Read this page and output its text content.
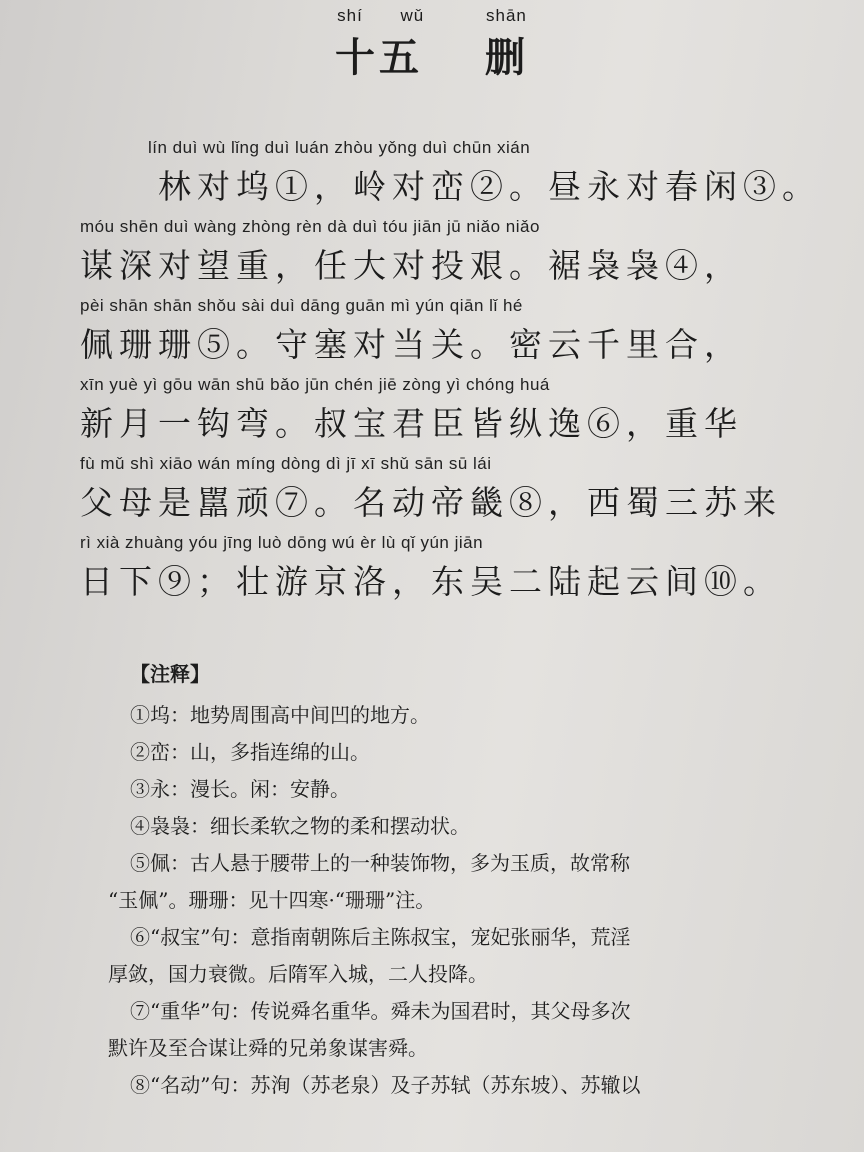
shí wǔ	shān
十五 删
lín duì wù lǐng duì luán zhòu yǒng duì chūn xián
林对坞①，岭对峦②。昼永对春闲③。
móu shēn duì wàng zhòng rèn dà duì tóu jiān jū niǎo niǎo
谋深对望重，任大对投艰。裾袅袅④，
pèi shān shān shǒu sài duì dāng guān mì yún qiān lǐ hé
佩珊珊⑤。守塞对当关。密云千里合，
xīn yuè yì gōu wān shū bǎo jūn chén jiē zòng yì chóng huá
新月一钩弯。叔宝君臣皆纵逸⑥，重华
fù mǔ shì xiāo wán míng dòng dì jī xī shǔ sān sū lái
父母是嚚顽⑦。名动帝畿⑧，西蜀三苏来
rì xià zhuàng yóu jīng luò dōng wú èr lù qǐ yún jiān
日下⑨；壮游京洛，东吴二陆起云间⑩。
【注释】
①坞：地势周围高中间凹的地方。
②峦：山，多指连绵的山。
③永：漫长。闲：安静。
④袅袅：细长柔软之物的柔和摆动状。
⑤佩：古人悬于腰带上的一种装饰物，多为玉质，故常称
“玉佩”。珊珊：见十四寒·“珊珊”注。
⑥“叔宝”句：意指南朝陈后主陈叔宝，宠妃张丽华，荒淫
厚敛，国力衰微。后隋军入城，二人投降。
⑦“重华”句：传说舜名重华。舜未为国君时，其父母多次
默许及至合谋让舜的兄弟象谋害舜。
⑧“名动”句：苏洵（苏老泉）及子苏轼（苏东坡）、苏辙以
